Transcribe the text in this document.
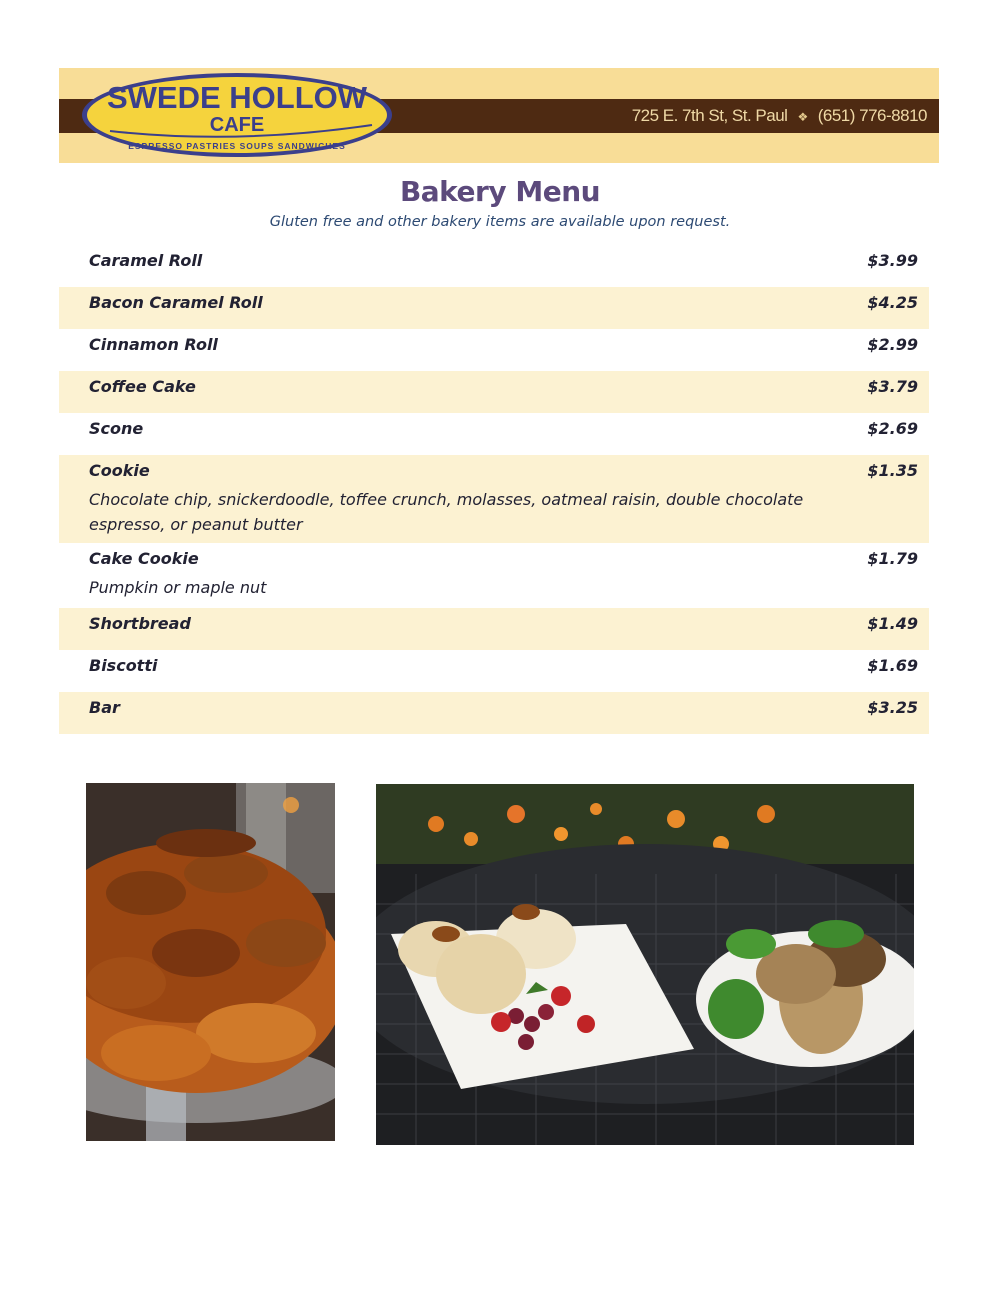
SWEDE HOLLOW
CAFE
ESPRESSO PASTRIES SOUPS SANDWICHES
725 E. 7th St, St. Paul ❖ (651) 776-8810
Bakery Menu
Gluten free and other bakery items are available upon request.
Caramel Roll	$3.99
Bacon Caramel Roll	$4.25
Cinnamon Roll	$2.99
Coffee Cake	$3.79
Scone	$2.69
Cookie	$1.35
Chocolate chip, snickerdoodle, toffee crunch, molasses, oatmeal raisin, double chocolate espresso, or peanut butter
Cake Cookie	$1.79
Pumpkin or maple nut
Shortbread	$1.49
Biscotti	$1.69
Bar	$3.25
